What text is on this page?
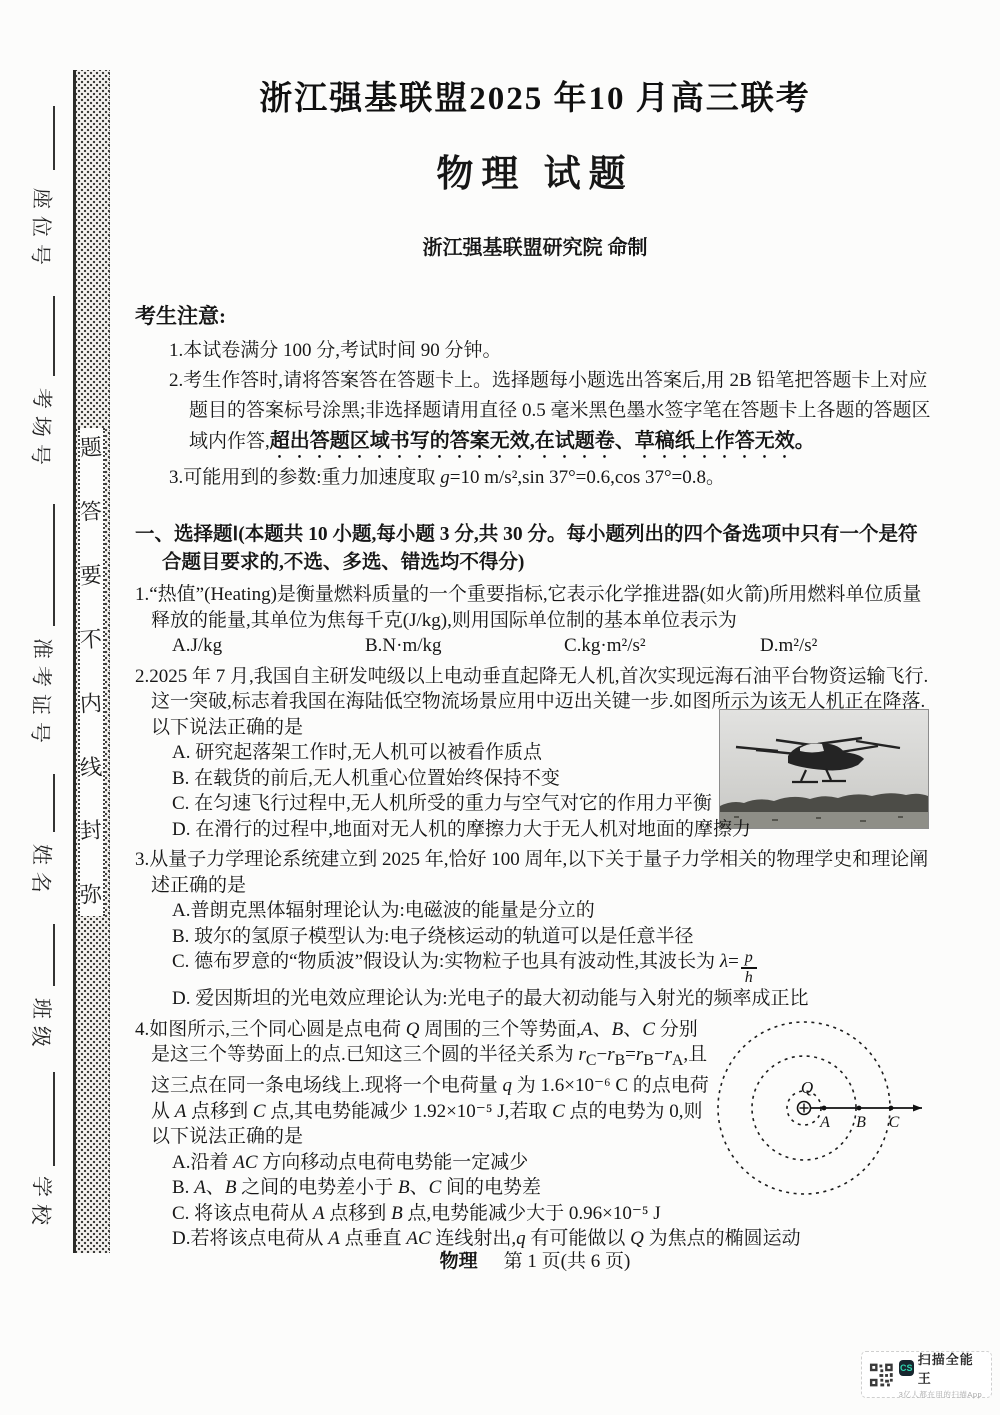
座位号
考场号
准考证号
姓名
班级
学校
题
答
要
不
内
线
封
弥
浙江强基联盟2025 年10 月高三联考
物理 试题
浙江强基联盟研究院 命制
考生注意:
1.本试卷满分 100 分,考试时间 90 分钟。
2.考生作答时,请将答案答在答题卡上。选择题每小题选出答案后,用 2B 铅笔把答题卡上对应题目的答案标号涂黑;非选择题请用直径 0.5 毫米黑色墨水签字笔在答题卡上各题的答题区域内作答,超出答题区域书写的答案无效,在试题卷、草稿纸上作答无效。
3.可能用到的参数:重力加速度取 g=10 m/s²,sin 37°=0.6,cos 37°=0.8。
一、选择题Ⅰ(本题共 10 小题,每小题 3 分,共 30 分。每小题列出的四个备选项中只有一个是符合题目要求的,不选、多选、错选均不得分)
1.“热值”(Heating)是衡量燃料质量的一个重要指标,它表示化学推进器(如火箭)所用燃料单位质量释放的能量,其单位为焦每千克(J/kg),则用国际单位制的基本单位表示为
A.J/kg	B.N·m/kg	C.kg·m²/s²	D.m²/s²
2.2025 年 7 月,我国自主研发吨级以上电动垂直起降无人机,首次实现远海石油平台物资运输飞行.这一突破,标志着我国在海陆低空物流场景应用中迈出关键一步.如图所示为该无人机正在降落.以下说法正确的是
A. 研究起落架工作时,无人机可以被看作质点
B. 在载货的前后,无人机重心位置始终保持不变
C. 在匀速飞行过程中,无人机所受的重力与空气对它的作用力平衡
D. 在滑行的过程中,地面对无人机的摩擦力大于无人机对地面的摩擦力
3.从量子力学理论系统建立到 2025 年,恰好 100 周年,以下关于量子力学相关的物理学史和理论阐述正确的是
A.普朗克黑体辐射理论认为:电磁波的能量是分立的
B. 玻尔的氢原子模型认为:电子绕核运动的轨道可以是任意半径
C. 德布罗意的“物质波”假设认为:实物粒子也具有波动性,其波长为 $\lambda= \frac{p}{h}$
D. 爱因斯坦的光电效应理论认为:光电子的最大初动能与入射光的频率成正比
Q
A B C
4.如图所示,三个同心圆是点电荷 Q 周围的三个等势面,A、B、C 分别是这三个等势面上的点.已知这三个圆的半径关系为 $r_C-r_B=r_B-r_A$,且这三点在同一条电场线上.现将一个电荷量 q 为 1.6×10⁻⁶ C 的点电荷从 A 点移到 C 点,其电势能减少 1.92×10⁻⁵ J,若取 C 点的电势为 0,则以下说法正确的是
A.沿着 AC 方向移动点电荷电势能一定减少
B. A、B 之间的电势差小于 B、C 间的电势差
C. 将该点电荷从 A 点移到 B 点,电势能减少大于 0.96×10⁻⁵ J
D.若将该点电荷从 A 点垂直 AC 连线射出,q 有可能做以 Q 为焦点的椭圆运动
物理 第 1 页(共 6 页)
CS
扫描全能王
3亿人都在用的扫描App
